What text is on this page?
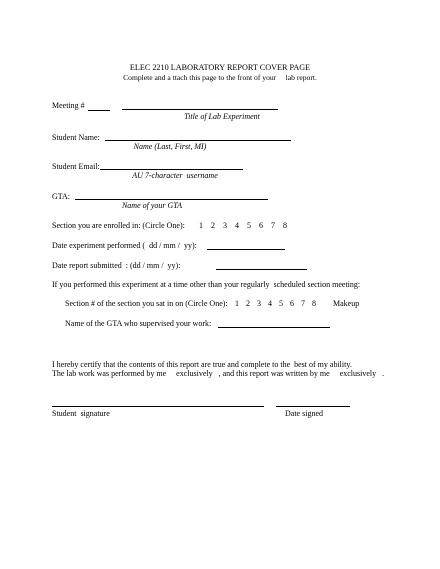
ELEC 2210 LABORATORY REPORT COVER PAGE
Complete and a ttach this page to the front of your     lab report.
Meeting #
Title of Lab Experiment
Student Name:
Name (Last, First, MI)
Student Email:
AU 7-character  username
GTA:
Name of your GTA
Section you are enrolled in: (Circle One): 1 2 3 4 5 6 7 8
Date experiment performed (  dd / mm /  yy):
Date report submitted  : (dd / mm /  yy):
If you performed this experiment at a time other than your regularly  scheduled section meeting:
Section # of the section you sat in on (Circle One): 1 2 3 4 5 6 7 8 Makeup
Name of the GTA who supervised your work:
I hereby certify that the contents of this report are true and complete to the  best of my ability.
The lab work was performed by me     exclusively   , and this report was written by me     exclusively   .
Student  signature	Date signed
